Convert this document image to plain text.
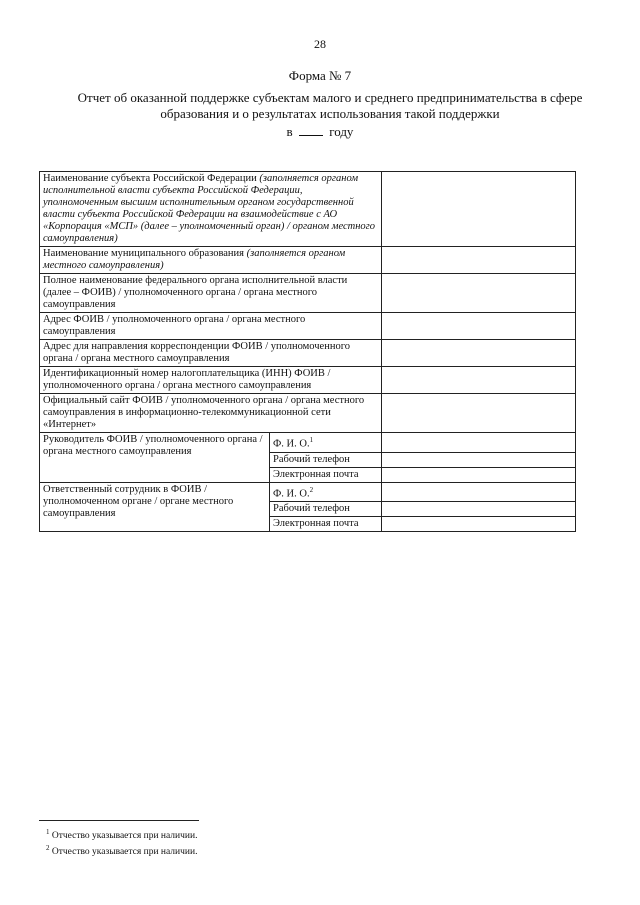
28
Форма № 7
Отчет об оказанной поддержке субъектам малого и среднего предпринимательства в сфере образования и о результатах использования такой поддержки
в	году
Наименование субъекта Российской Федерации (заполняется органом исполнительной власти субъекта Российской Федерации, уполномоченным высшим исполнительным органом государственной власти субъекта Российской Федерации на взаимодействие с АО «Корпорация «МСП» (далее – уполномоченный орган) / органом местного самоуправления)		
Наименование муниципального образования (заполняется органом местного самоуправления)		
Полное наименование федерального органа исполнительной власти (далее – ФОИВ) / уполномоченного органа / органа местного самоуправления		
Адрес ФОИВ / уполномоченного органа / органа местного самоуправления		
Адрес для направления корреспонденции ФОИВ / уполномоченного органа / органа местного самоуправления		
Идентификационный номер налогоплательщика (ИНН) ФОИВ / уполномоченного органа / органа местного самоуправления		
Официальный сайт ФОИВ / уполномоченного органа / органа местного самоуправления в информационно-телекоммуникационной сети «Интернет»		
Руководитель ФОИВ / уполномоченного органа / органа местного самоуправления	Ф. И. О.$^1$	
	Рабочий телефон	
	Электронная почта	
Ответственный сотрудник в ФОИВ / уполномоченном органе / органе местного самоуправления	Ф. И. О.$^2$	
	Рабочий телефон	
	Электронная почта	
$^1$ Отчество указывается при наличии.
$^2$ Отчество указывается при наличии.
